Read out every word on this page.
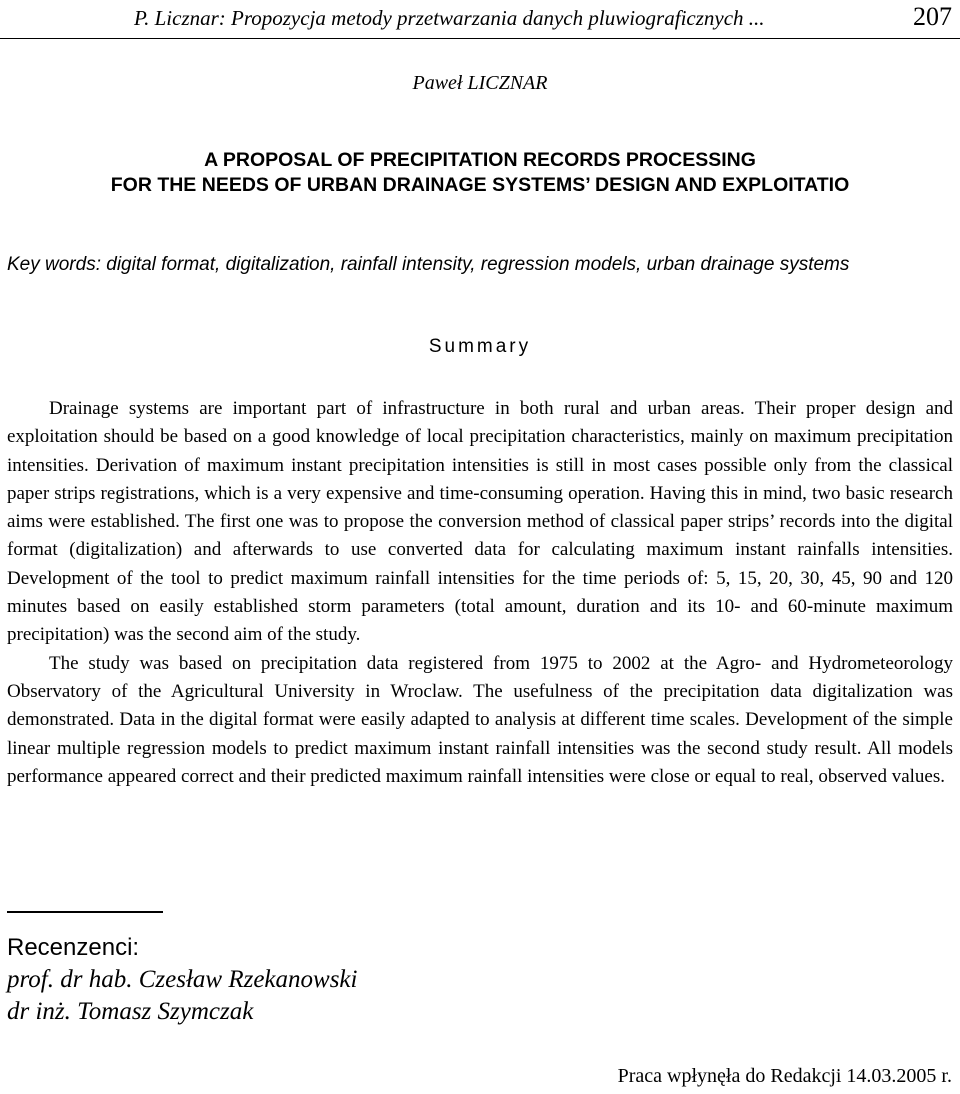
P. Licznar: Propozycja metody przetwarzania danych pluwiograficznych ...	207
Paweł LICZNAR
A PROPOSAL OF PRECIPITATION RECORDS PROCESSING
FOR THE NEEDS OF URBAN DRAINAGE SYSTEMS’ DESIGN AND EXPLOITATIO
Key words: digital format, digitalization, rainfall intensity, regression models, urban drainage systems
Summary

Drainage systems are important part of infrastructure in both rural and urban areas. Their proper design and exploitation should be based on a good knowledge of local precipitation characteristics, mainly on maximum precipitation intensities. Derivation of maximum instant precipitation intensities is still in most cases possible only from the classical paper strips registrations, which is a very expensive and time-consuming operation. Having this in mind, two basic research aims were established. The first one was to propose the conversion method of classical paper strips’ records into the digital format (digitalization) and afterwards to use converted data for calculating maximum instant rainfalls intensities. Development of the tool to predict maximum rainfall intensities for the time periods of: 5, 15, 20, 30, 45, 90 and 120 minutes based on easily established storm parameters (total amount, duration and its 10- and 60-minute maximum precipitation) was the second aim of the study.

The study was based on precipitation data registered from 1975 to 2002 at the Agro- and Hydrometeorology Observatory of the Agricultural University in Wroclaw. The usefulness of the precipitation data digitalization was demonstrated. Data in the digital format were easily adapted to analysis at different time scales. Development of the simple linear multiple regression models to predict maximum instant rainfall intensities was the second study result. All models performance appeared correct and their predicted maximum rainfall intensities were close or equal to real, observed values.

Recenzenci:
prof. dr hab. Czesław Rzekanowski
dr inż. Tomasz Szymczak
Praca wpłynęła do Redakcji 14.03.2005 r.
